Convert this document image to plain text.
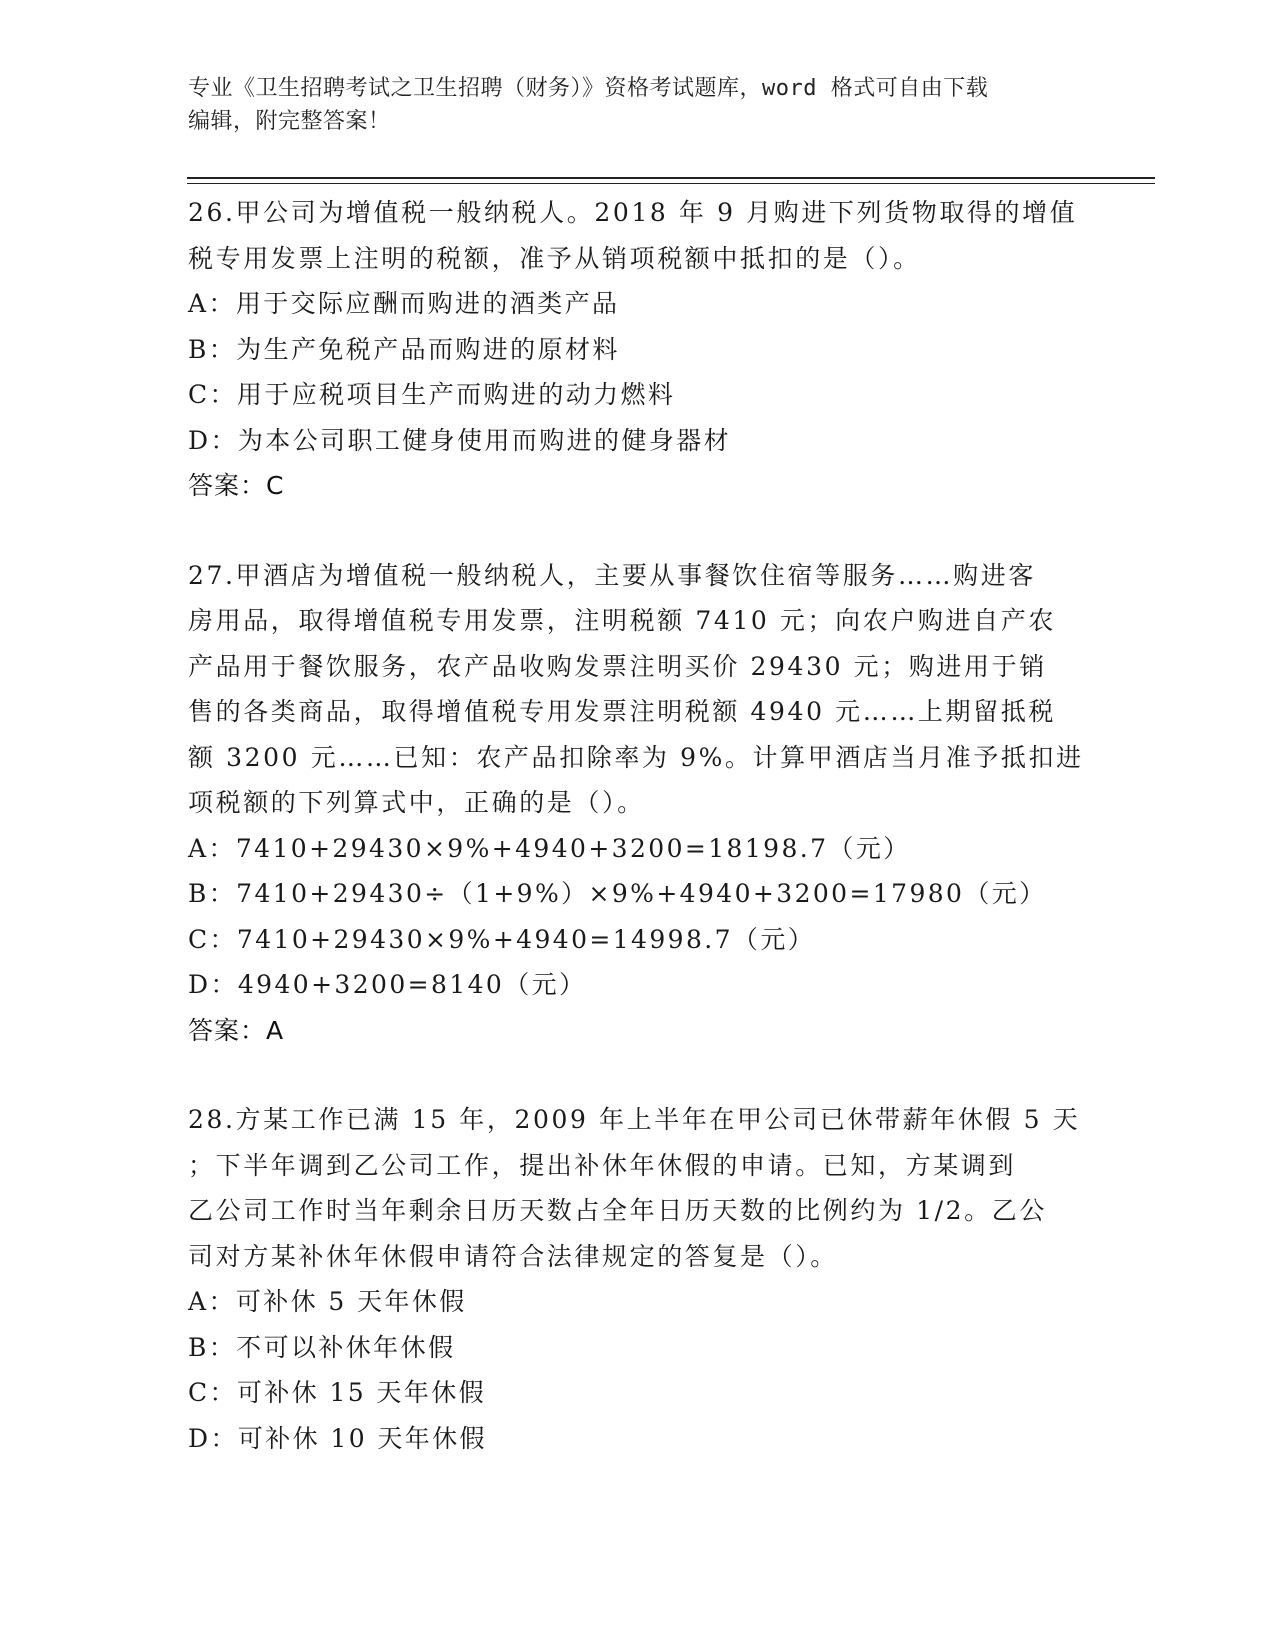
专业《卫生招聘考试之卫生招聘（财务）》资格考试题库，word 格式可自由下载
编辑，附完整答案！
26.甲公司为增值税一般纳税人。2018 年 9 月购进下列货物取得的增值
税专用发票上注明的税额，准予从销项税额中抵扣的是（）。
A：用于交际应酬而购进的酒类产品
B：为生产免税产品而购进的原材料
C：用于应税项目生产而购进的动力燃料
D：为本公司职工健身使用而购进的健身器材
答案：C
27.甲酒店为增值税一般纳税人，主要从事餐饮住宿等服务……购进客
房用品，取得增值税专用发票，注明税额 7410 元；向农户购进自产农
产品用于餐饮服务，农产品收购发票注明买价 29430 元；购进用于销
售的各类商品，取得增值税专用发票注明税额 4940 元……上期留抵税
额 3200 元……已知：农产品扣除率为 9%。计算甲酒店当月准予抵扣进
项税额的下列算式中，正确的是（）。
A：7410+29430×9%+4940+3200=18198.7（元）
B：7410+29430÷（1+9%）×9%+4940+3200=17980（元）
C：7410+29430×9%+4940=14998.7（元）
D：4940+3200=8140（元）
答案：A
28.方某工作已满 15 年，2009 年上半年在甲公司已休带薪年休假 5 天
；下半年调到乙公司工作，提出补休年休假的申请。已知，方某调到
乙公司工作时当年剩余日历天数占全年日历天数的比例约为 1/2。乙公
司对方某补休年休假申请符合法律规定的答复是（）。
A：可补休 5 天年休假
B：不可以补休年休假
C：可补休 15 天年休假
D：可补休 10 天年休假
